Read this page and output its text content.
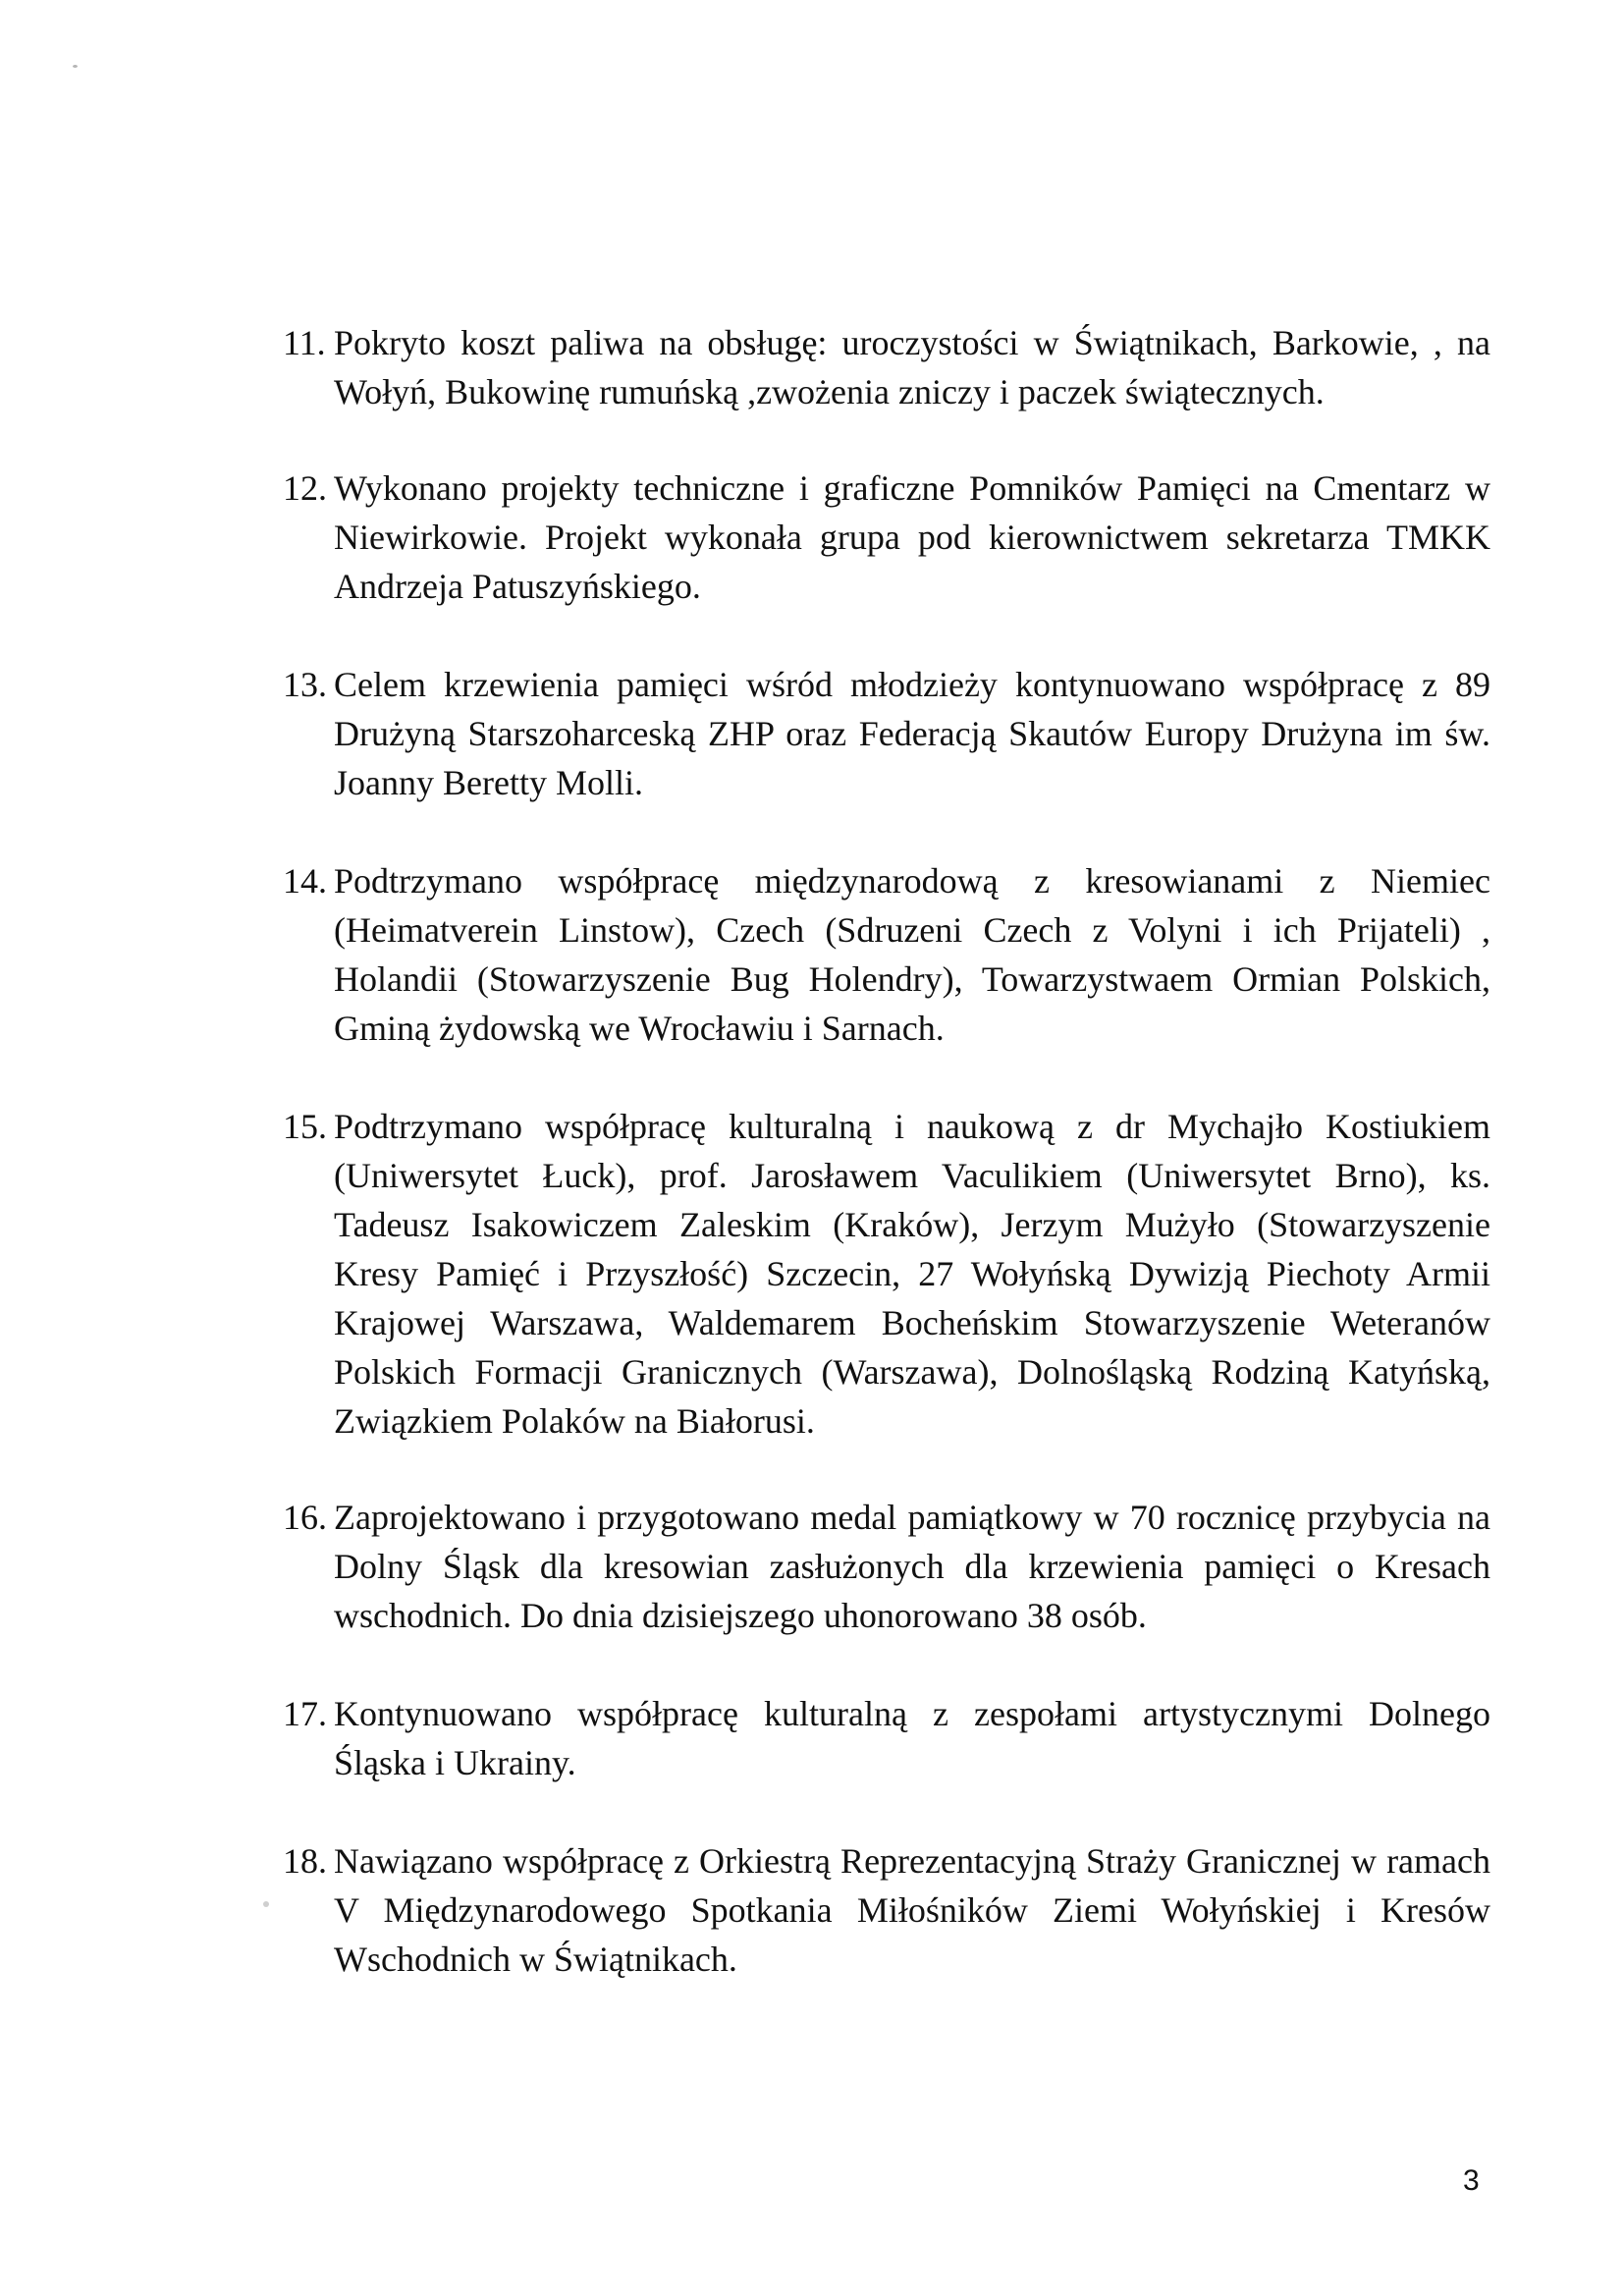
11. Pokryto koszt paliwa na obsługę: uroczystości w Świątnikach, Barkowie, , na Wołyń, Bukowinę rumuńską ,zwożenia zniczy i paczek świątecznych.
12. Wykonano projekty techniczne i graficzne Pomników Pamięci na Cmentarz w Niewirkowie. Projekt wykonała grupa pod kierownictwem sekretarza TMKK Andrzeja Patuszyńskiego.
13. Celem krzewienia pamięci wśród młodzieży kontynuowano współpracę z 89 Drużyną Starszoharceską ZHP oraz Federacją Skautów Europy Drużyna im św. Joanny Beretty Molli.
14. Podtrzymano współpracę międzynarodową z kresowianami z Niemiec (Heimatverein Linstow), Czech (Sdruzeni Czech z Volyni i ich Prijateli) , Holandii (Stowarzyszenie Bug Holendry), Towarzystwaem Ormian Polskich, Gminą żydowską we Wrocławiu i Sarnach.
15. Podtrzymano współpracę kulturalną i naukową z dr Mychajło Kostiukiem (Uniwersytet Łuck), prof. Jarosławem Vaculikiem (Uniwersytet Brno), ks. Tadeusz Isakowiczem Zaleskim (Kraków), Jerzym Mużyło (Stowarzyszenie Kresy Pamięć i Przyszłość) Szczecin, 27 Wołyńską Dywizją Piechoty Armii Krajowej Warszawa, Waldemarem Bocheńskim Stowarzyszenie Weteranów Polskich Formacji Granicznych (Warszawa), Dolnośląską Rodziną Katyńską, Związkiem Polaków na Białorusi.
16. Zaprojektowano i przygotowano medal pamiątkowy w 70 rocznicę przybycia na Dolny Śląsk dla kresowian zasłużonych dla krzewienia pamięci o Kresach wschodnich. Do dnia dzisiejszego uhonorowano 38 osób.
17. Kontynuowano współpracę kulturalną z zespołami artystycznymi Dolnego Śląska i Ukrainy.
18. Nawiązano współpracę z Orkiestrą Reprezentacyjną Straży Granicznej w ramach V Międzynarodowego Spotkania Miłośników Ziemi Wołyńskiej i Kresów Wschodnich w Świątnikach.
3
